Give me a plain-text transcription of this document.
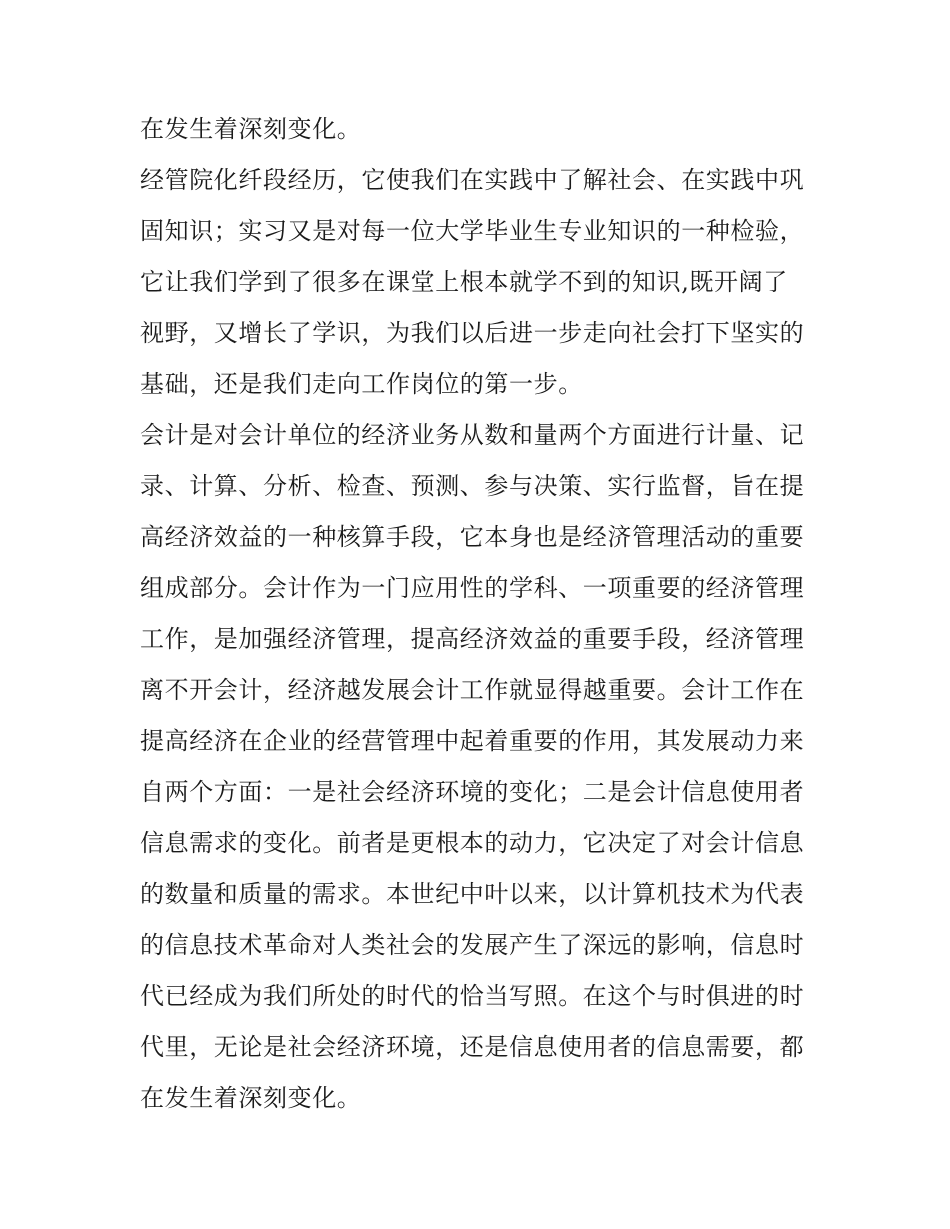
在发生着深刻变化。
经管院化纤段经历，它使我们在实践中了解社会、在实践中巩
固知识；实习又是对每一位大学毕业生专业知识的一种检验，
它让我们学到了很多在课堂上根本就学不到的知识,既开阔了
视野，又增长了学识，为我们以后进一步走向社会打下坚实的
基础，还是我们走向工作岗位的第一步。
会计是对会计单位的经济业务从数和量两个方面进行计量、记
录、计算、分析、检查、预测、参与决策、实行监督，旨在提
高经济效益的一种核算手段，它本身也是经济管理活动的重要
组成部分。会计作为一门应用性的学科、一项重要的经济管理
工作，是加强经济管理，提高经济效益的重要手段，经济管理
离不开会计，经济越发展会计工作就显得越重要。会计工作在
提高经济在企业的经营管理中起着重要的作用，其发展动力来
自两个方面：一是社会经济环境的变化；二是会计信息使用者
信息需求的变化。前者是更根本的动力，它决定了对会计信息
的数量和质量的需求。本世纪中叶以来，以计算机技术为代表
的信息技术革命对人类社会的发展产生了深远的影响，信息时
代已经成为我们所处的时代的恰当写照。在这个与时俱进的时
代里，无论是社会经济环境，还是信息使用者的信息需要，都
在发生着深刻变化。
